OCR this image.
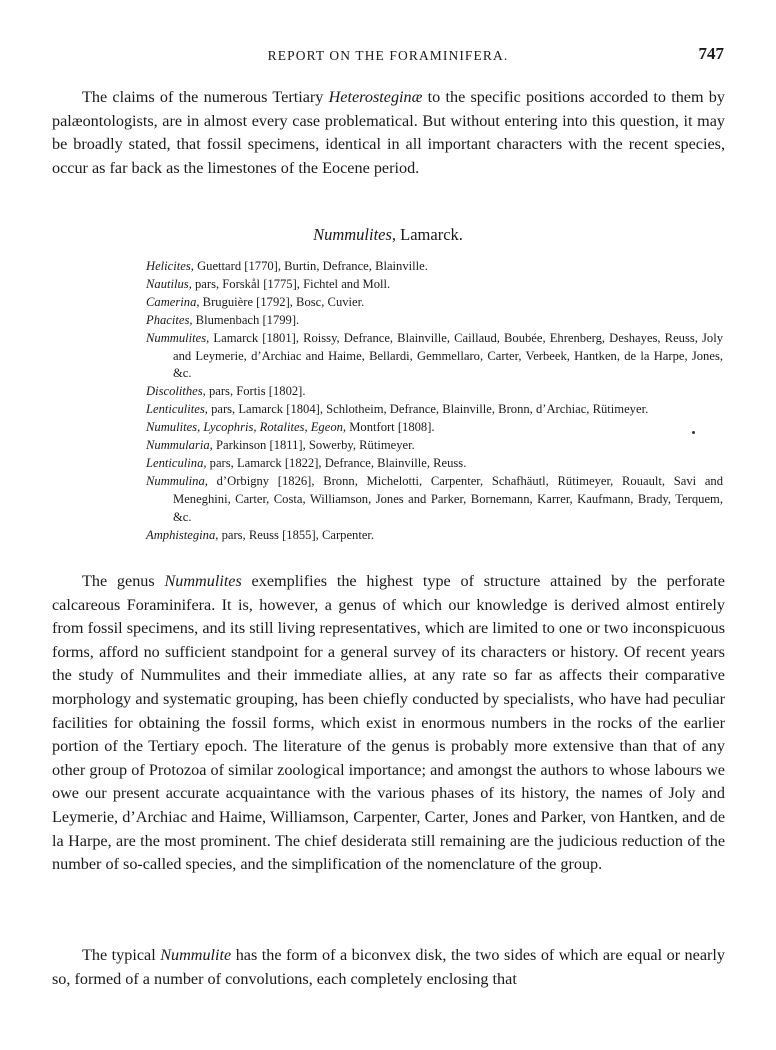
REPORT ON THE FORAMINIFERA.	747

The claims of the numerous Tertiary Heterosteginæ to the specific positions accorded to them by palæontologists, are in almost every case problematical. But without entering into this question, it may be broadly stated, that fossil specimens, identical in all important characters with the recent species, occur as far back as the limestones of the Eocene period.

Nummulites, Lamarck.
Helicites, Guettard [1770], Burtin, Defrance, Blainville.
Nautilus, pars, Forskål [1775], Fichtel and Moll.
Camerina, Bruguière [1792], Bosc, Cuvier.
Phacites, Blumenbach [1799].
Nummulites, Lamarck [1801], Roissy, Defrance, Blainville, Caillaud, Boubée, Ehrenberg, Deshayes, Reuss, Joly and Leymerie, d’Archiac and Haime, Bellardi, Gemmellaro, Carter, Verbeek, Hantken, de la Harpe, Jones, &c.
Discolithes, pars, Fortis [1802].
Lenticulites, pars, Lamarck [1804], Schlotheim, Defrance, Blainville, Bronn, d’Archiac, Rütimeyer.
Numulites, Lycophris, Rotalites, Egeon, Montfort [1808].
Nummularia, Parkinson [1811], Sowerby, Rütimeyer.
Lenticulina, pars, Lamarck [1822], Defrance, Blainville, Reuss.
Nummulina, d’Orbigny [1826], Bronn, Michelotti, Carpenter, Schafhäutl, Rütimeyer, Rouault, Savi and Meneghini, Carter, Costa, Williamson, Jones and Parker, Bornemann, Karrer, Kaufmann, Brady, Terquem, &c.
Amphistegina, pars, Reuss [1855], Carpenter.

The genus Nummulites exemplifies the highest type of structure attained by the perforate calcareous Foraminifera. It is, however, a genus of which our knowledge is derived almost entirely from fossil specimens, and its still living representatives, which are limited to one or two inconspicuous forms, afford no sufficient standpoint for a general survey of its characters or history. Of recent years the study of Nummulites and their immediate allies, at any rate so far as affects their comparative morphology and systematic grouping, has been chiefly conducted by specialists, who have had peculiar facilities for obtaining the fossil forms, which exist in enormous numbers in the rocks of the earlier portion of the Tertiary epoch. The literature of the genus is probably more extensive than that of any other group of Protozoa of similar zoological importance; and amongst the authors to whose labours we owe our present accurate acquaintance with the various phases of its history, the names of Joly and Leymerie, d’Archiac and Haime, Williamson, Carpenter, Carter, Jones and Parker, von Hantken, and de la Harpe, are the most prominent. The chief desiderata still remaining are the judicious reduction of the number of so-called species, and the simplification of the nomenclature of the group.

The typical Nummulite has the form of a biconvex disk, the two sides of which are equal or nearly so, formed of a number of convolutions, each completely enclosing that
